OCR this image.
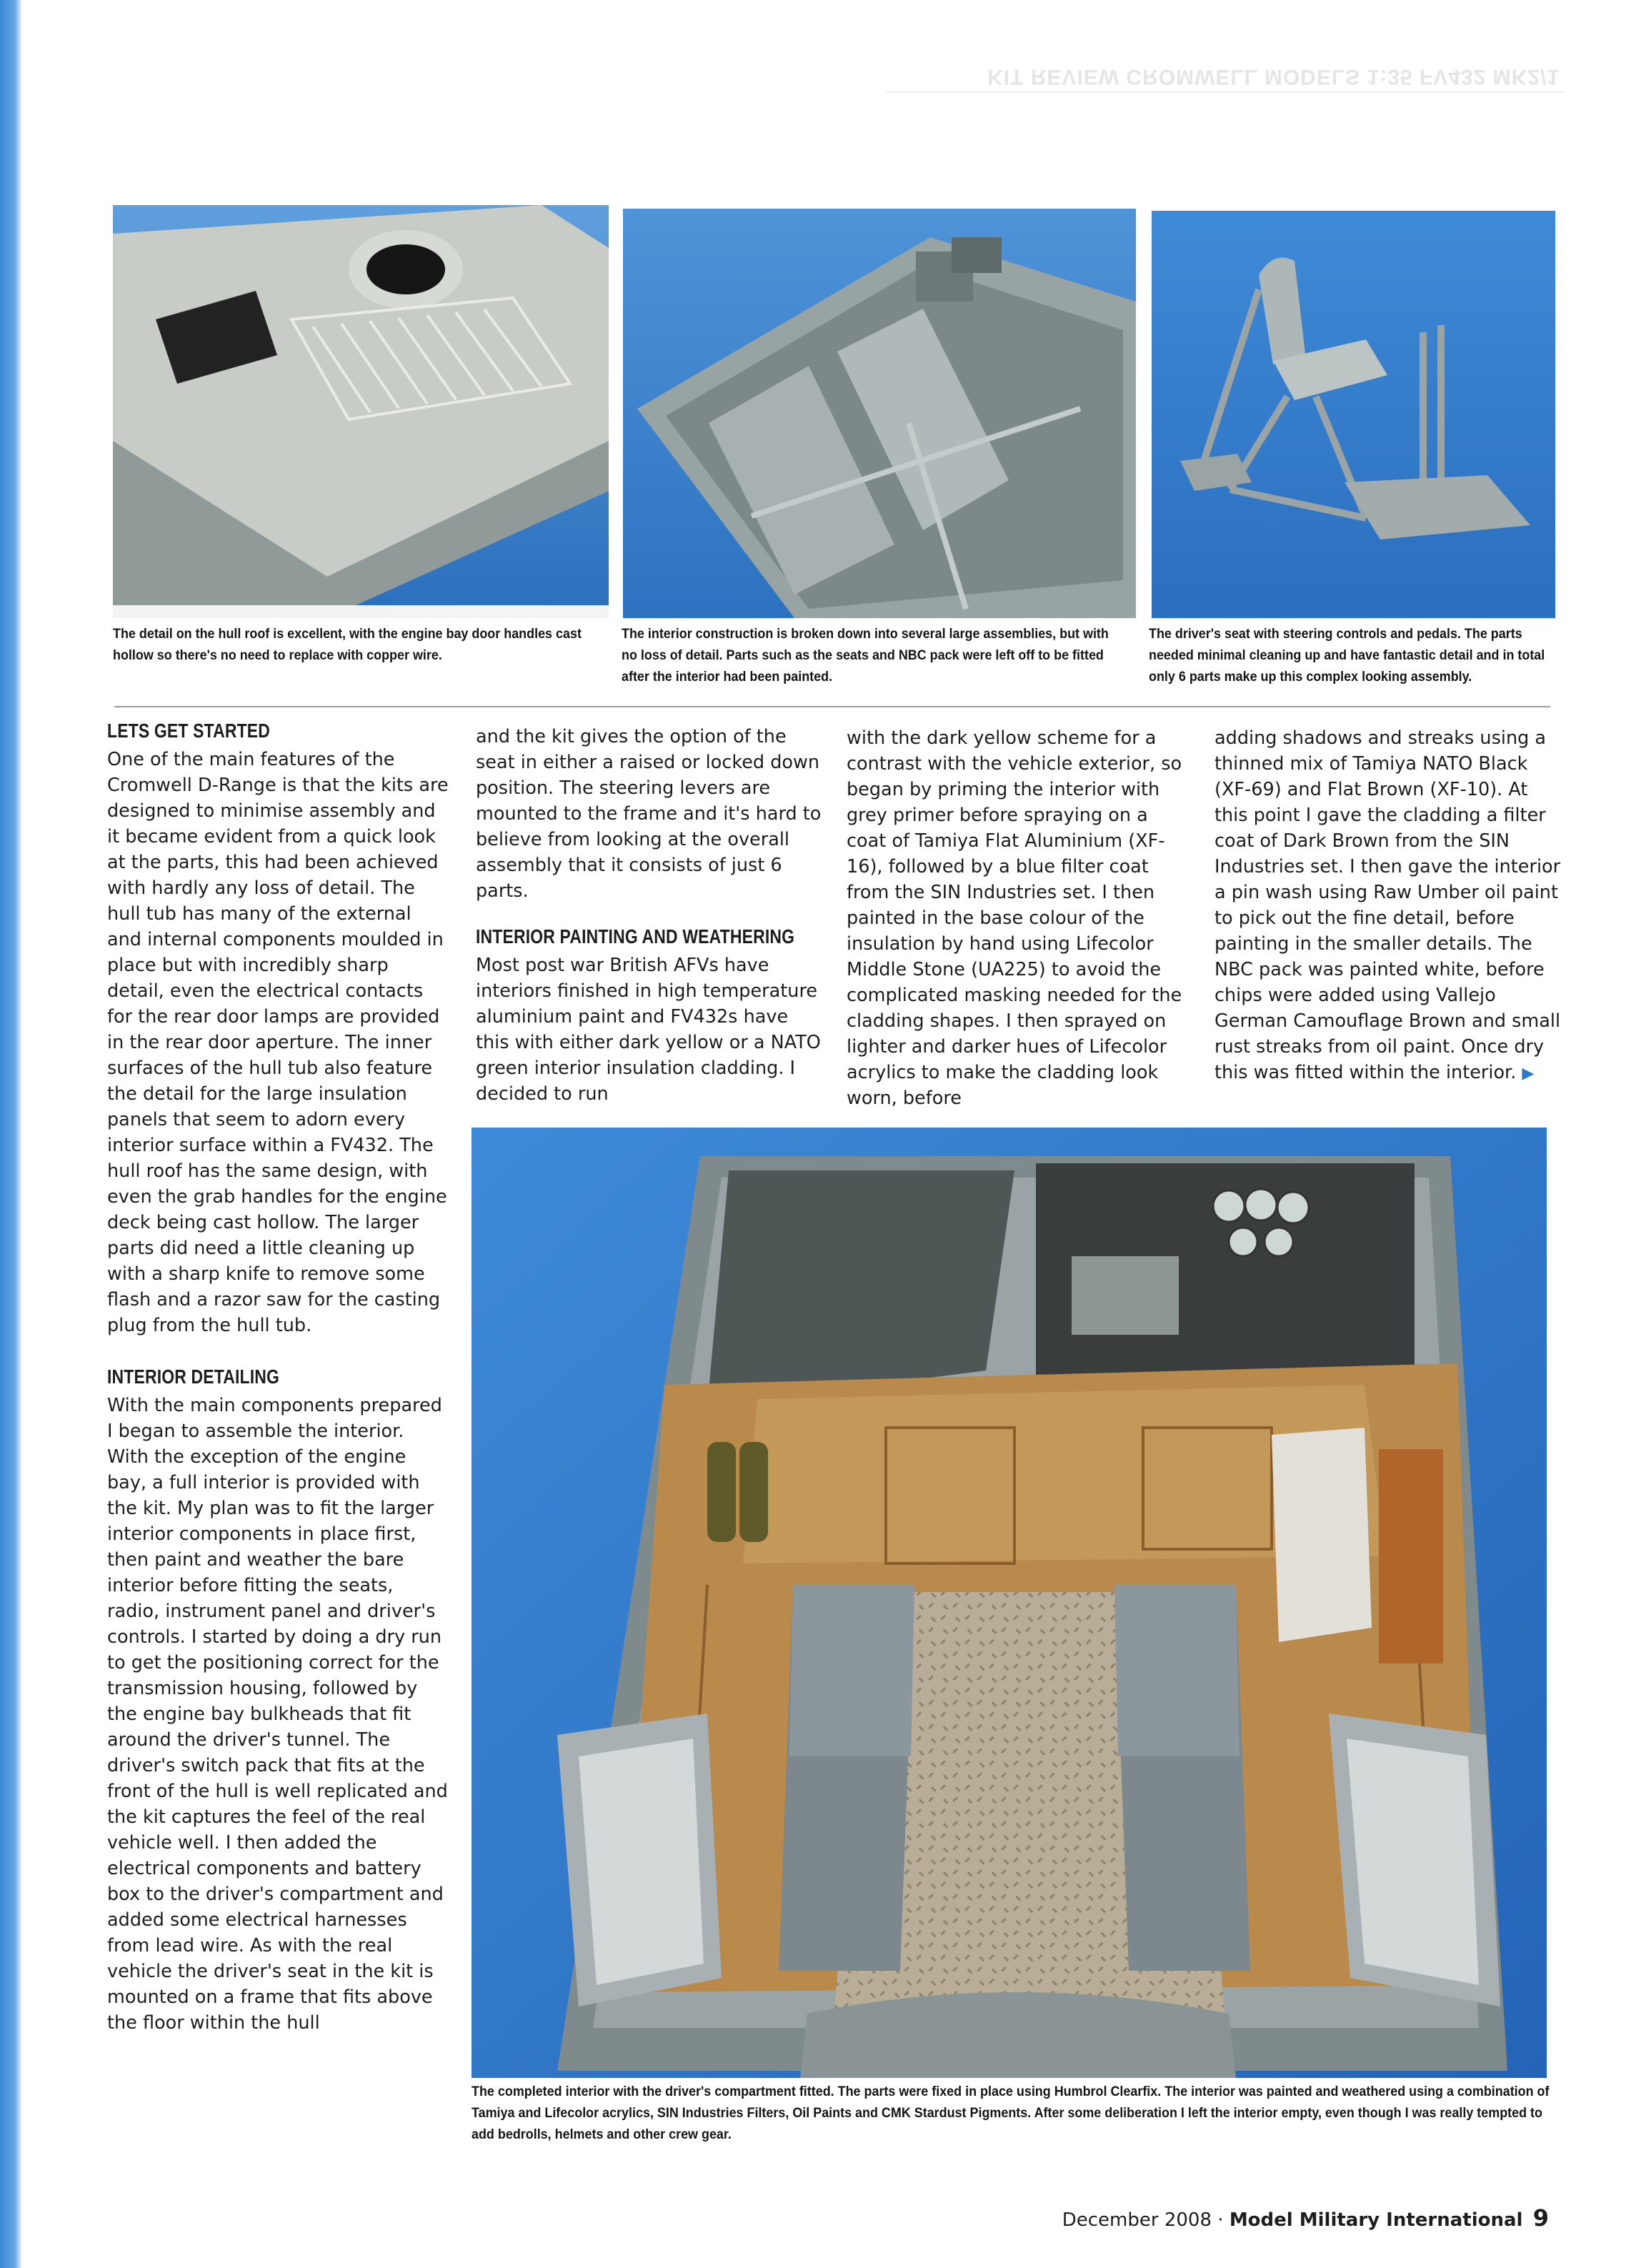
KIT REVIEW CROMWELL MODELS 1:35 FV432 MK2/1
The detail on the hull roof is excellent, with the engine bay door handles cast hollow so there's no need to replace with copper wire.
The interior construction is broken down into several large assemblies, but with no loss of detail. Parts such as the seats and NBC pack were left off to be fitted after the interior had been painted.
The driver's seat with steering controls and pedals. The parts needed minimal cleaning up and have fantastic detail and in total only 6 parts make up this complex looking assembly.
LETS GET STARTED

One of the main features of the Cromwell D-Range is that the kits are designed to minimise assembly and it became evident from a quick look at the parts, this had been achieved with hardly any loss of detail. The hull tub has many of the external and internal components moulded in place but with incredibly sharp detail, even the electrical contacts for the rear door lamps are provided in the rear door aperture. The inner surfaces of the hull tub also feature the detail for the large insulation panels that seem to adorn every interior surface within a FV432. The hull roof has the same design, with even the grab handles for the engine deck being cast hollow. The larger parts did need a little cleaning up with a sharp knife to remove some flash and a razor saw for the casting plug from the hull tub.

INTERIOR DETAILING

With the main components prepared I began to assemble the interior. With the exception of the engine bay, a full interior is provided with the kit. My plan was to fit the larger interior components in place first, then paint and weather the bare interior before fitting the seats, radio, instrument panel and driver's controls. I started by doing a dry run to get the positioning correct for the transmission housing, followed by the engine bay bulkheads that fit around the driver's tunnel. The driver's switch pack that fits at the front of the hull is well replicated and the kit captures the feel of the real vehicle well. I then added the electrical components and battery box to the driver's compartment and added some electrical harnesses from lead wire. As with the real vehicle the driver's seat in the kit is mounted on a frame that fits above the floor within the hull

and the kit gives the option of the seat in either a raised or locked down position. The steering levers are mounted to the frame and it's hard to believe from looking at the overall assembly that it consists of just 6 parts.

INTERIOR PAINTING AND WEATHERING

Most post war British AFVs have interiors finished in high temperature aluminium paint and FV432s have this with either dark yellow or a NATO green interior insulation cladding. I decided to run

with the dark yellow scheme for a contrast with the vehicle exterior, so began by priming the interior with grey primer before spraying on a coat of Tamiya Flat Aluminium (XF-16), followed by a blue filter coat from the SIN Industries set. I then painted in the base colour of the insulation by hand using Lifecolor Middle Stone (UA225) to avoid the complicated masking needed for the cladding shapes. I then sprayed on lighter and darker hues of Lifecolor acrylics to make the cladding look worn, before

adding shadows and streaks using a thinned mix of Tamiya NATO Black (XF-69) and Flat Brown (XF-10). At this point I gave the cladding a filter coat of Dark Brown from the SIN Industries set. I then gave the interior a pin wash using Raw Umber oil paint to pick out the fine detail, before painting in the smaller details. The NBC pack was painted white, before chips were added using Vallejo German Camouflage Brown and small rust streaks from oil paint. Once dry this was fitted within the interior. ▶

The completed interior with the driver's compartment fitted. The parts were fixed in place using Humbrol Clearfix. The interior was painted and weathered using a combination of Tamiya and Lifecolor acrylics, SIN Industries Filters, Oil Paints and CMK Stardust Pigments. After some deliberation I left the interior empty, even though I was really tempted to add bedrolls, helmets and other crew gear.
December 2008 · Model Military International 9
